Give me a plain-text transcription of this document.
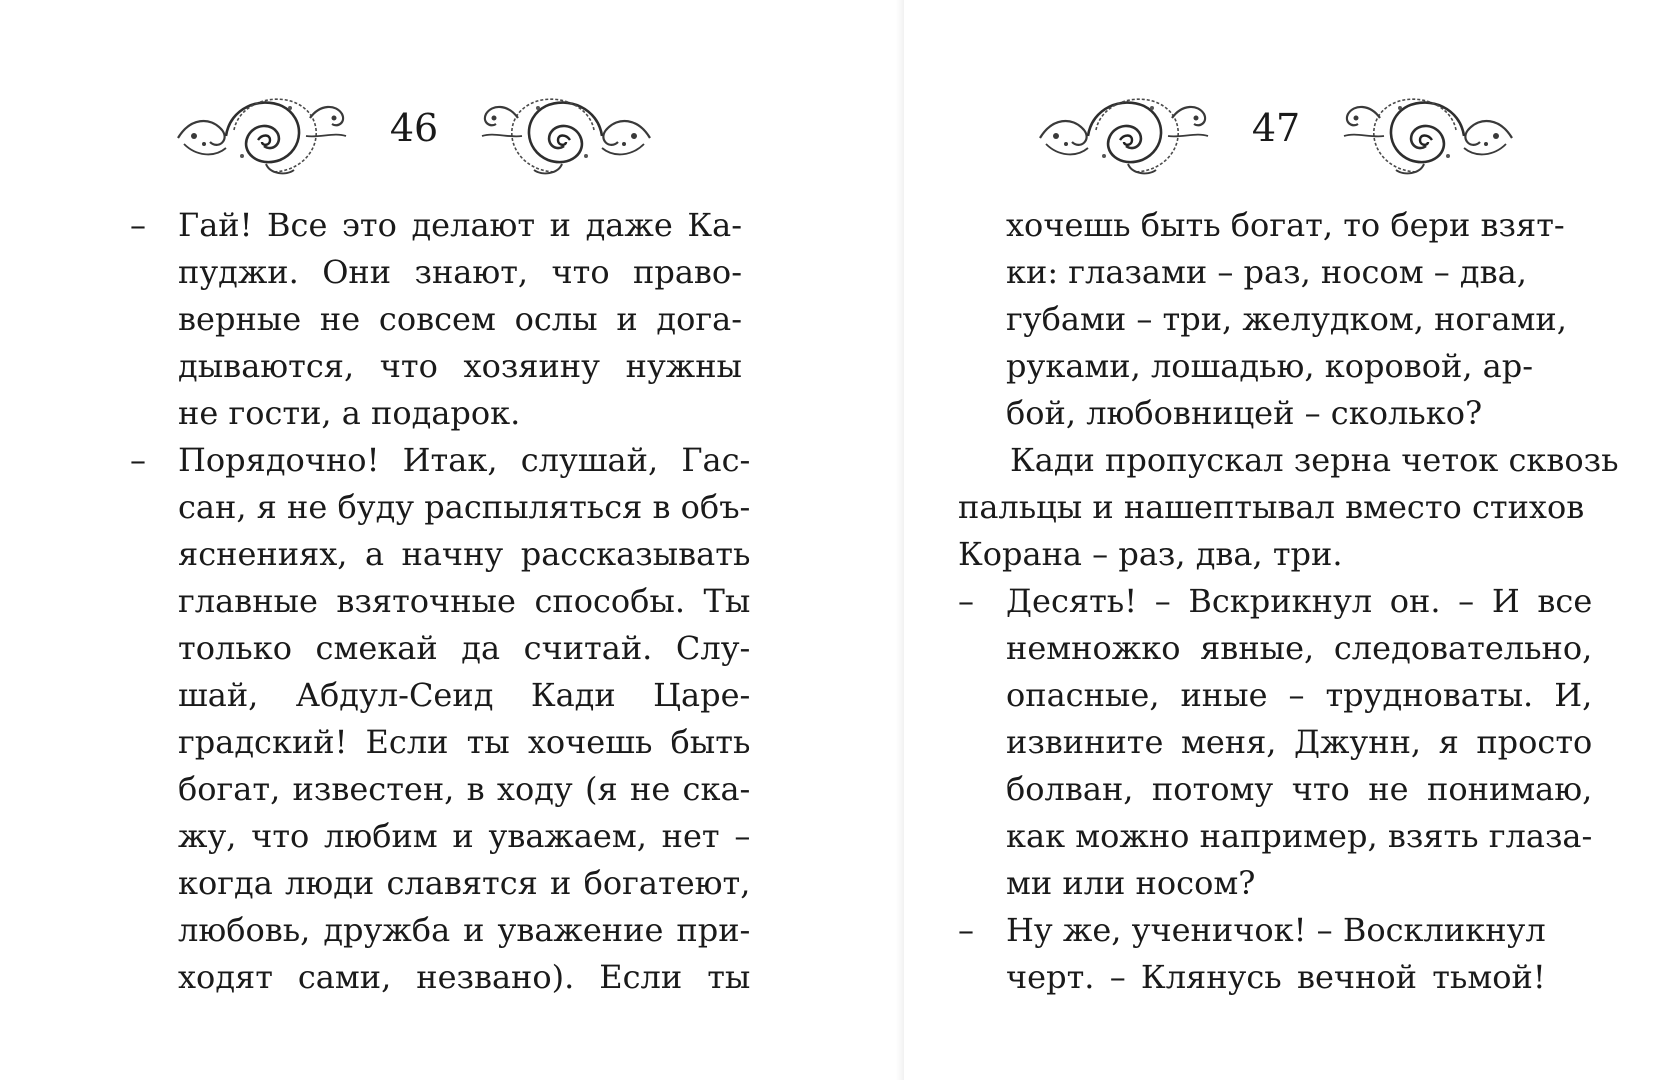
46
–	Гай! Все это делают и даже Ка-
пуджи. Они знают, что право-
верные не совсем ослы и дога-
дываются, что хозяину нужны
не гости, а подарок.
–	Порядочно! Итак, слушай, Гас-
сан, я не буду распыляться в объ-
яснениях, а начну рассказывать
главные взяточные способы. Ты
только смекай да считай. Слу-
шай, Абдул-Сеид Кади Царе-
градский! Если ты хочешь быть
богат, известен, в ходу (я не ска-
жу, что любим и уважаем, нет –
когда люди славятся и богатеют,
любовь, дружба и уважение при-
ходят сами, незвано). Если ты
47
хочешь быть богат, то бери взят-
ки: глазами – раз, носом – два,
губами – три, желудком, ногами,
руками, лошадью, коровой, ар-
бой, любовницей – сколько?
Кади пропускал зерна четок сквозь
пальцы и нашептывал вместо стихов
Корана – раз, два, три.
–	Десять! – Вскрикнул он. – И все
немножко явные, следовательно,
опасные, иные – трудноваты. И,
извините меня, Джунн, я просто
болван, потому что не понимаю,
как можно например, взять глаза-
ми или носом?
–	Ну же, ученичок! – Воскликнул
черт. – Клянусь вечной тьмой!
